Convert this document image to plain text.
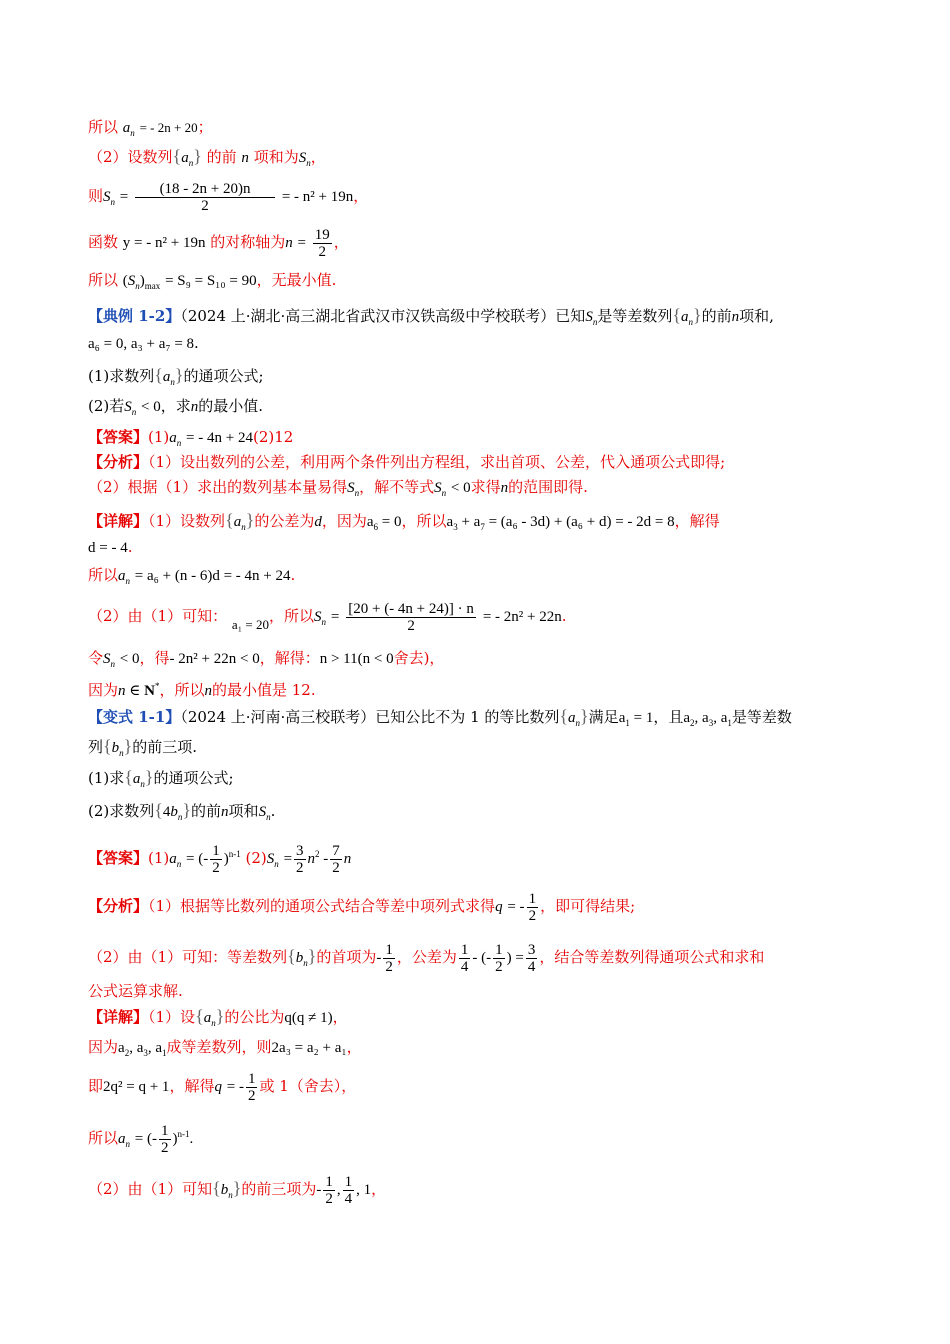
所以 $a_n$ = - 2n + 20；
（2）设数列$\{a_n\}$ 的前 n 项和为$S_n$，
则$S_n = \frac{(18 - 2n + 20)n}{2}$ = - n² + 19n，
函数 y = - n² + 19n 的对称轴为$n = \frac{19}{2}$ ，
所以 $(S_n)_{max} = S_9 = S_{10} = 90$，无最小值.
【典例 1-2】（2024 上·湖北·高三湖北省武汉市汉铁高级中学校联考）已知$S_n$是等差数列$\{a_n\}$的前n项和,
a₆ = 0, a₃ + a₇ = 8.
(1)求数列$\{a_n\}$的通项公式;
(2)若$S_n < 0$，求n的最小值.
【答案】$(1)a_n$ = - 4n + 24(2)12
【分析】（1）设出数列的公差，利用两个条件列出方程组，求出首项、公差，代入通项公式即得;
（2）根据（1）求出的数列基本量易得$S_n$，解不等式$S_n < 0$求得n的范围即得.
【详解】（1）设数列$\{a_n\}$的公差为d，因为$a_6 = 0$，所以$a_3 + a_7 = (a_6 - 3d) + (a_6 + d)$ = - 2d = 8，解得
d = - 4.
所以$a_n = a_6 + (n - 6)d$ = - 4n + 24.
（2）由（1）可知： a₁ = 20，所以$S_n = \frac{[20 + (- 4n + 24)] \cdot n}{2}$ = - 2n² + 22n.
令$S_n < 0$，得- 2n² + 22n < 0，解得：n > 11(n < 0舍去)，
因为n ∈ N*，所以n的最小值是 12.
【变式 1-1】（2024 上·河南·高三校联考）已知公比不为 1 的等比数列$\{a_n\}$满足$a_1 = 1$，且$a_2$, $a_3$, $a_1$是等差数
列$\{b_n\}$的前三项.
(1)求$\{a_n\}$的通项公式;
(2)求数列$\{4b_n\}$的前n项和$S_n$.
【答案】$(1)a_n$ = (- $\frac{1}{2} )^{n-1}$ $(2)S_n = \frac{3}{2} n^2 - \frac{7}{2}$ n
【分析】（1）根据等比数列的通项公式结合等差中项列式求得q = - $\frac{1}{2}$ ，即可得结果;
（2）由（1）可知：等差数列$\{b_n\}$的首项为- $\frac{1}{2}$ ，公差为 $\frac{1}{4}$ - (- $\frac{1}{2}$ ) = $\frac{3}{4}$ ，结合等差数列得通项公式和求和
公式运算求解.
【详解】（1）设$\{a_n\}$的公比为q(q ≠ 1)，
因为$a_2$, $a_3$, $a_1$成等差数列，则2a₃ = a₂ + a₁，
即2q² = q + 1，解得q = - $\frac{1}{2}$ 或 1（舍去），
所以$a_n$ = (- $\frac{1}{2} )^{n-1}$.
（2）由（1）可知$\{b_n\}$的前三项为- $\frac{1}{2}$ , $\frac{1}{4}$ , 1，
